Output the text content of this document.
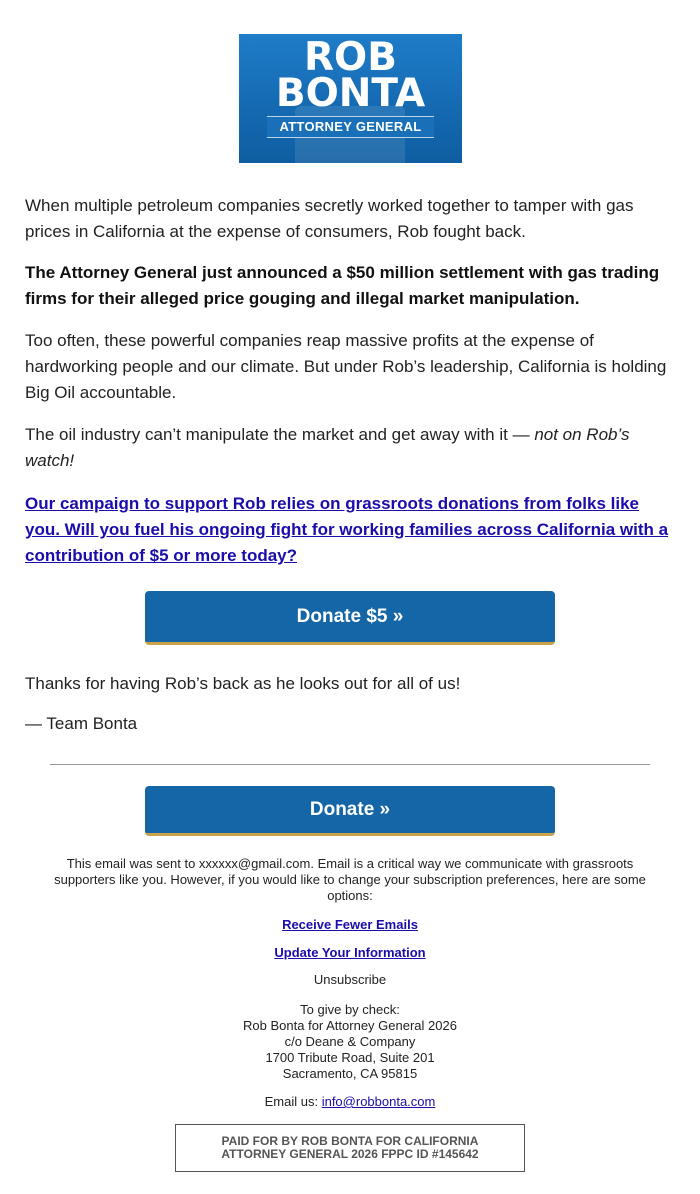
ROB
BONTA
ATTORNEY GENERAL
When multiple petroleum companies secretly worked together to tamper with gas prices in California at the expense of consumers, Rob fought back.
The Attorney General just announced a $50 million settlement with gas trading firms for their alleged price gouging and illegal market manipulation.
Too often, these powerful companies reap massive profits at the expense of hardworking people and our climate. But under Rob’s leadership, California is holding Big Oil accountable.
The oil industry can’t manipulate the market and get away with it — not on Rob’s watch!
Our campaign to support Rob relies on grassroots donations from folks like you. Will you fuel his ongoing fight for working families across California with a contribution of $5 or more today?
Donate $5 »
Thanks for having Rob’s back as he looks out for all of us!
— Team Bonta
Donate »
This email was sent to xxxxxx@gmail.com. Email is a critical way we communicate with grassroots supporters like you. However, if you would like to change your subscription preferences, here are some options:
Receive Fewer Emails
Update Your Information
Unsubscribe
To give by check:
Rob Bonta for Attorney General 2026
c/o Deane & Company
1700 Tribute Road, Suite 201
Sacramento, CA 95815
Email us: info@robbonta.com
PAID FOR BY ROB BONTA FOR CALIFORNIA
ATTORNEY GENERAL 2026 FPPC ID #145642
